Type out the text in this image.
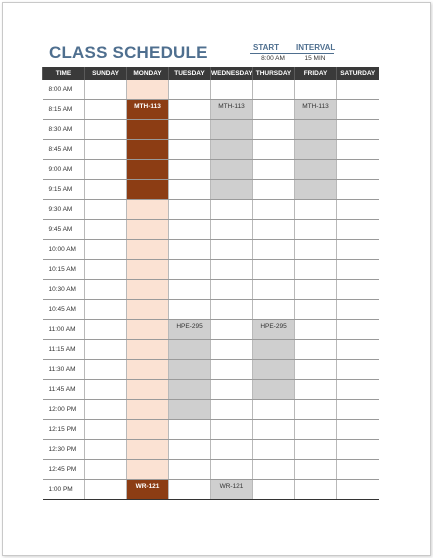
CLASS SCHEDULE	START INTERVAL
8:00 AM	15 MIN
TIME	SUNDAY	MONDAY	TUESDAY	WEDNESDAY	THURSDAY	FRIDAY	SATURDAY
8:00 AM							
8:15 AM		MTH-113		MTH-113		MTH-113	

8:30 AM							
8:45 AM							
9:00 AM							
9:15 AM							
9:30 AM							
9:45 AM							
10:00 AM							
10:15 AM							
10:30 AM							
10:45 AM							
11:00 AM			HPE-295		HPE-295		

11:15 AM							
11:30 AM							
11:45 AM							
12:00 PM							
12:15 PM							
12:30 PM							
12:45 PM							
1:00 PM		WR-121		WR-121			
